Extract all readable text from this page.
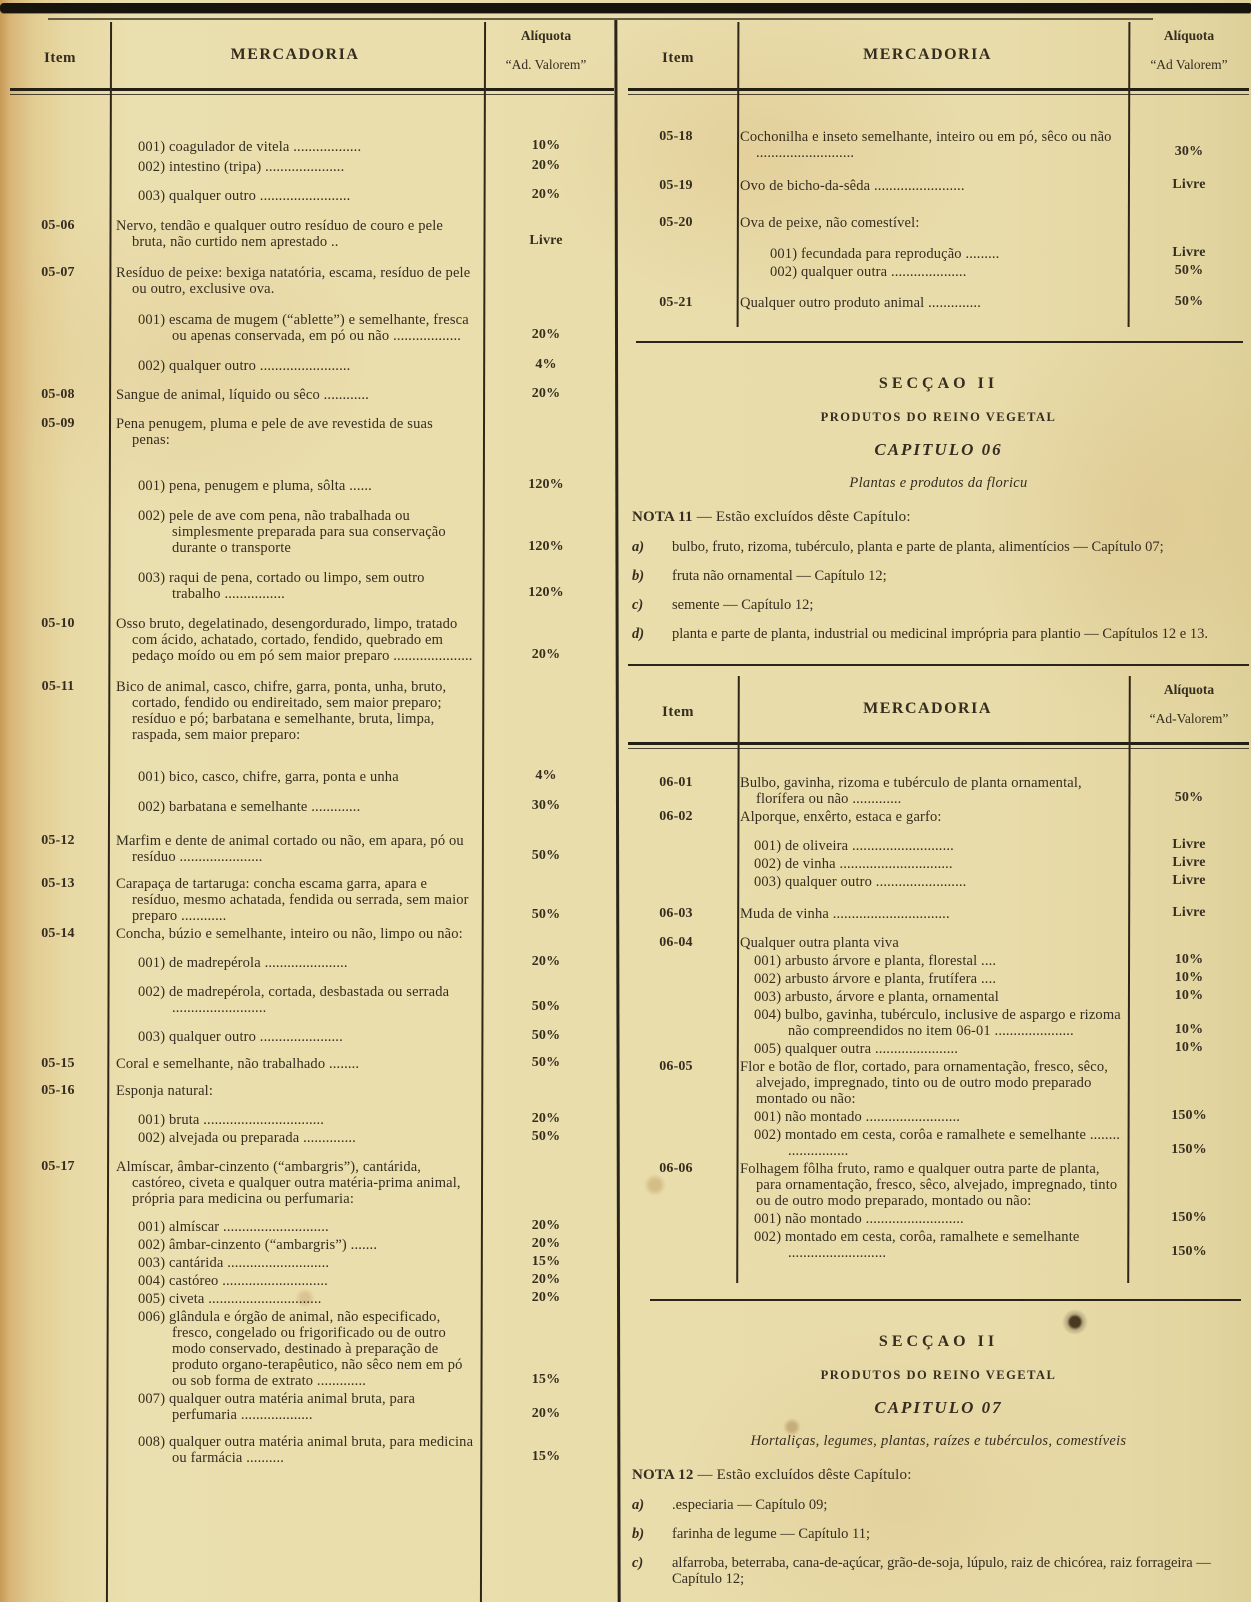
Item	MERCADORIA
Alíquota
“Ad. Valorem”
001) coagulador de vitela ..................	10%
002) intestino (tripa) .....................	20%
003) qualquer outro ........................	20%
05-06	Nervo, tendão e qualquer outro resíduo de couro e pele bruta, não curtido nem aprestado ..	Livre
05-07	Resíduo de peixe: bexiga natatória, escama, resíduo de pele ou outro, exclusive ova.
001) escama de mugem (“ablette”) e semelhante, fresca ou apenas conservada, em pó ou não ..................	20%
002) qualquer outro ........................	4%
05-08	Sangue de animal, líquido ou sêco ............	20%
05-09	Pena penugem, pluma e pele de ave revestida de suas penas:
001) pena, penugem e pluma, sôlta ......	120%
002) pele de ave com pena, não trabalhada ou simplesmente preparada para sua conservação durante o transporte	120%
003) raqui de pena, cortado ou limpo, sem outro trabalho ................	120%
05-10	Osso bruto, degelatinado, desengordurado, limpo, tratado com ácido, achatado, cortado, fendido, quebrado em pedaço moído ou em pó sem maior preparo .....................	20%
05-11	Bico de animal, casco, chifre, garra, ponta, unha, bruto, cortado, fendido ou endireitado, sem maior preparo; resíduo e pó; barbatana e semelhante, bruta, limpa, raspada, sem maior preparo:
001) bico, casco, chifre, garra, ponta e unha	4%
002) barbatana e semelhante .............	30%
05-12	Marfim e dente de animal cortado ou não, em apara, pó ou resíduo ......................	50%
05-13	Carapaça de tartaruga: concha escama garra, apara e resíduo, mesmo achatada, fendida ou serrada, sem maior preparo ............	50%
05-14	Concha, búzio e semelhante, inteiro ou não, limpo ou não:
001) de madrepérola ......................	20%
002) de madrepérola, cortada, desbastada ou serrada .........................	50%
003) qualquer outro ......................	50%
05-15	Coral e semelhante, não trabalhado ........	50%
05-16	Esponja natural:
001) bruta ................................	20%
002) alvejada ou preparada ..............	50%
05-17	Almíscar, âmbar-cinzento (“ambargris”), cantárida, castóreo, civeta e qualquer outra matéria-prima animal, própria para medicina ou perfumaria:
001) almíscar ............................	20%
002) âmbar-cinzento (“ambargris”) .......	20%
003) cantárida ...........................	15%
004) castóreo ............................	20%
005) civeta ..............................	20%
006) glândula e órgão de animal, não especificado, fresco, congelado ou frigorificado ou de outro modo conservado, destinado à preparação de produto organo-terapêutico, não sêco nem em pó ou sob forma de extrato .............	15%
007) qualquer outra matéria animal bruta, para perfumaria ...................	20%
008) qualquer outra matéria animal bruta, para medicina ou farmácia ..........	15%
Item	MERCADORIA
Alíquota
“Ad Valorem”
05-18	Cochonilha e inseto semelhante, inteiro ou em pó, sêco ou não ..........................	30%
05-19	Ovo de bicho-da-sêda ........................	Livre
05-20	Ova de peixe, não comestível:
001) fecundada para reprodução .........	Livre
002) qualquer outra ....................	50%
05-21	Qualquer outro produto animal ..............	50%
SECÇAO II
PRODUTOS DO REINO VEGETAL
CAPITULO 06
Plantas e produtos da floricu
NOTA 11 — Estão excluídos dêste Capítulo:
a)	bulbo, fruto, rizoma, tubérculo, planta e parte de planta, alimentícios — Capítulo 07;
b)	fruta não ornamental — Capítulo 12;
c)	semente — Capítulo 12;
d)	planta e parte de planta, industrial ou medicinal imprópria para plantio — Capítulos 12 e 13.
Item	MERCADORIA
Alíquota
“Ad-Valorem”
06-01	Bulbo, gavinha, rizoma e tubérculo de planta ornamental, florífera ou não .............	50%
06-02	Alporque, enxêrto, estaca e garfo:
001) de oliveira ...........................	Livre
002) de vinha ..............................	Livre
003) qualquer outro ........................	Livre
06-03	Muda de vinha ...............................	Livre
06-04	Qualquer outra planta viva
001) arbusto árvore e planta, florestal ....	10%
002) arbusto árvore e planta, frutífera ....	10%
003) arbusto, árvore e planta, ornamental	10%
004) bulbo, gavinha, tubérculo, inclusive de aspargo e rizoma não compreendidos no item 06-01 .....................	10%
005) qualquer outra ......................	10%
06-05	Flor e botão de flor, cortado, para ornamentação, fresco, sêco, alvejado, impregnado, tinto ou de outro modo preparado montado ou não:
001) não montado .........................	150%
002) montado em cesta, corôa e ramalhete e semelhante ........ ................	150%
06-06	Folhagem fôlha fruto, ramo e qualquer outra parte de planta, para ornamentação, fresco, sêco, alvejado, impregnado, tinto ou de outro modo preparado, montado ou não:
001) não montado ..........................	150%
002) montado em cesta, corôa, ramalhete e semelhante ..........................	150%
SECÇAO II
PRODUTOS DO REINO VEGETAL
CAPITULO 07
Hortaliças, legumes, plantas, raízes e tubérculos, comestíveis
NOTA 12 — Estão excluídos dêste Capítulo:
a)	.especiaria — Capítulo 09;
b)	farinha de legume — Capítulo 11;
c)	alfarroba, beterraba, cana-de-açúcar, grão-de-soja, lúpulo, raiz de chicórea, raiz forrageira — Capítulo 12;
